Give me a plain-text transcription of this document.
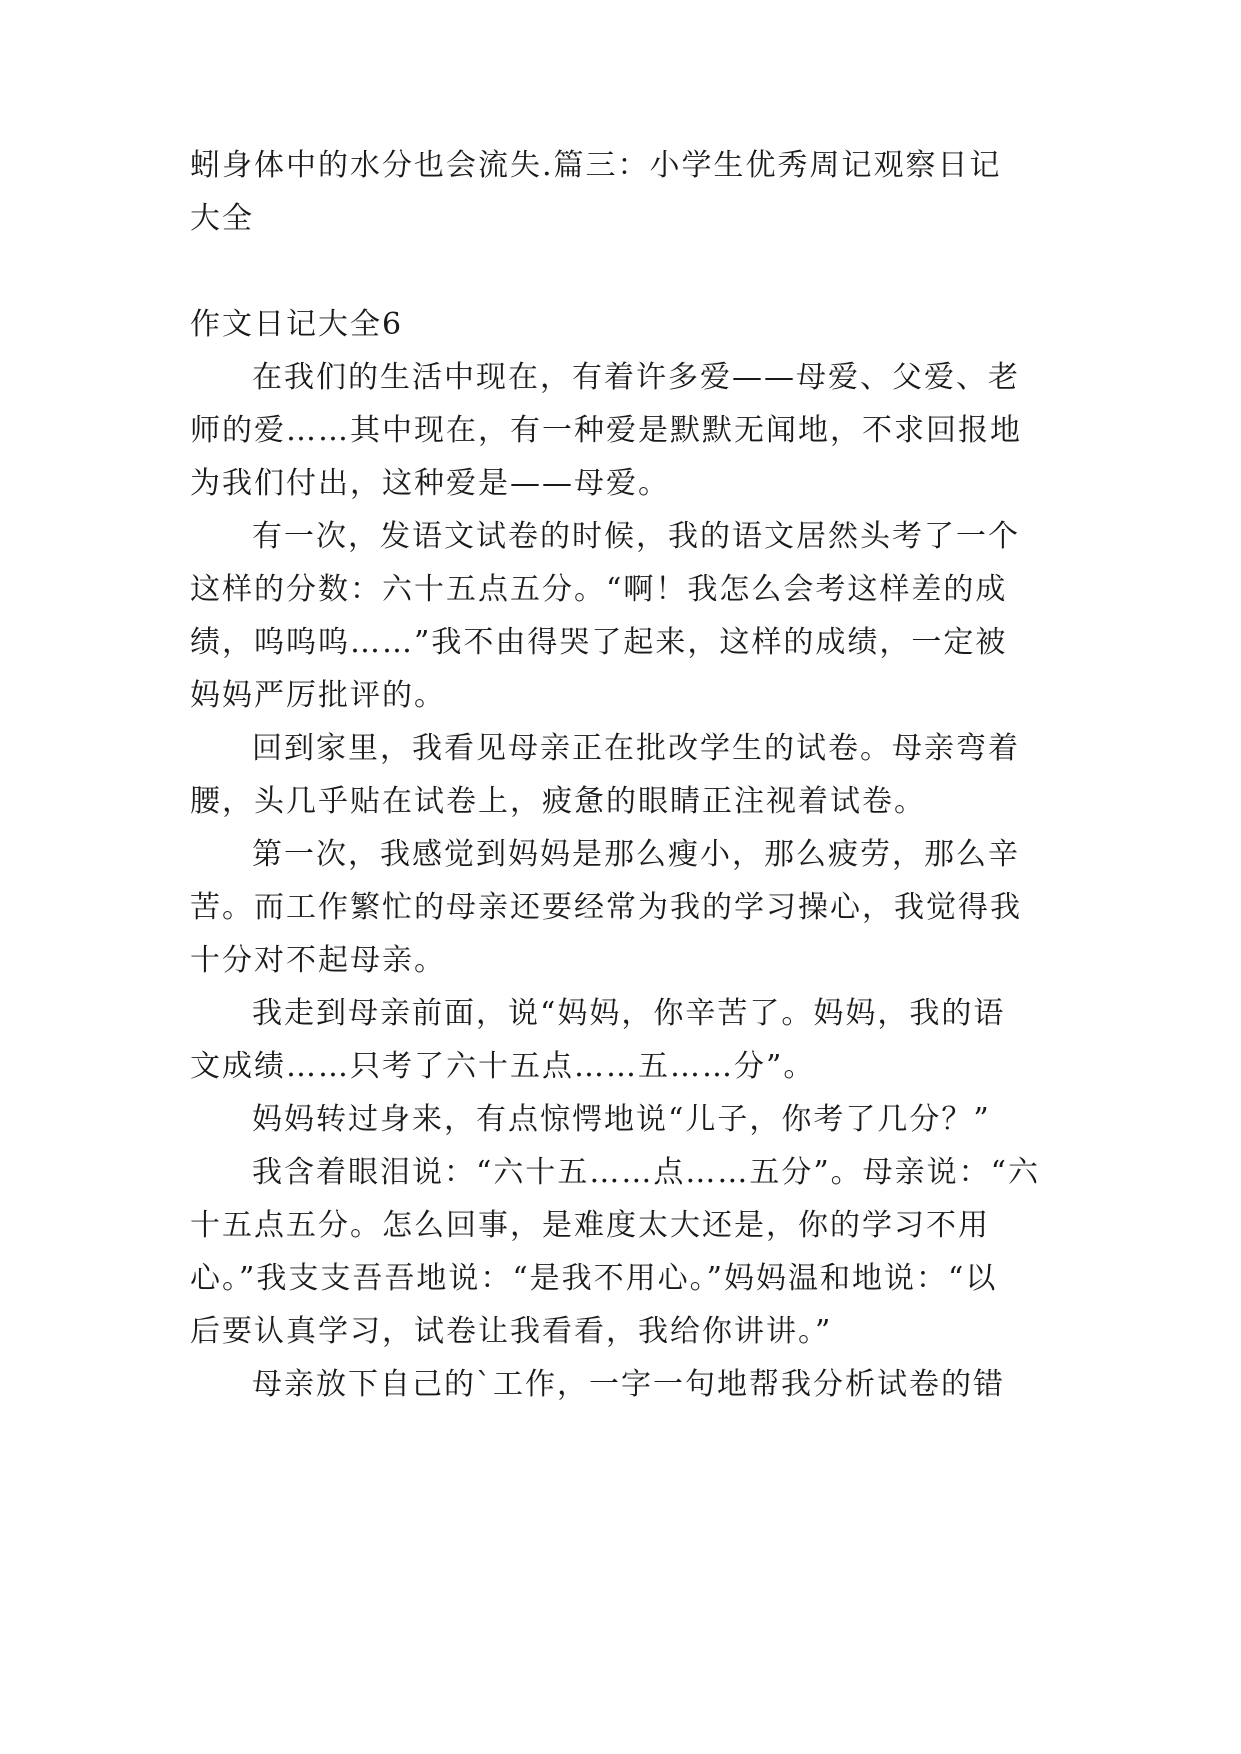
蚓身体中的水分也会流失.篇三：小学生优秀周记观察日记
大全
作文日记大全6
在我们的生活中现在，有着许多爱——母爱、父爱、老
师的爱……其中现在，有一种爱是默默无闻地，不求回报地
为我们付出，这种爱是——母爱。
有一次，发语文试卷的时候，我的语文居然头考了一个
这样的分数：六十五点五分。“啊！我怎么会考这样差的成
绩，呜呜呜……”我不由得哭了起来，这样的成绩，一定被
妈妈严厉批评的。
回到家里，我看见母亲正在批改学生的试卷。母亲弯着
腰，头几乎贴在试卷上，疲惫的眼睛正注视着试卷。
第一次，我感觉到妈妈是那么瘦小，那么疲劳，那么辛
苦。而工作繁忙的母亲还要经常为我的学习操心，我觉得我
十分对不起母亲。
我走到母亲前面，说“妈妈，你辛苦了。妈妈，我的语
文成绩……只考了六十五点……五……分”。
妈妈转过身来，有点惊愕地说“儿子，你考了几分？”
我含着眼泪说：“六十五……点……五分”。母亲说：“六
十五点五分。怎么回事，是难度太大还是，你的学习不用
心。”我支支吾吾地说：“是我不用心。”妈妈温和地说：“以
后要认真学习，试卷让我看看，我给你讲讲。”
母亲放下自己的`工作，一字一句地帮我分析试卷的错
